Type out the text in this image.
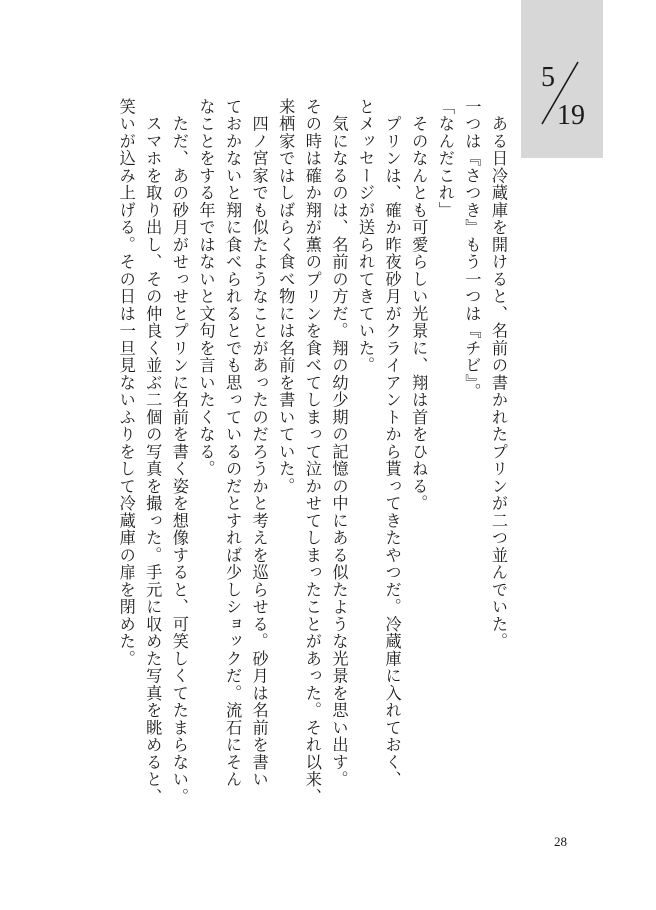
5
19
　ある日冷蔵庫を開けると、名前の書かれたプリンが二つ並んでいた。
一つは『さつき』もう一つは『チビ』。
「なんだこれ」
　そのなんとも可愛らしい光景に、翔は首をひねる。
　プリンは、確か昨夜砂月がクライアントから貰ってきたやつだ。冷蔵庫に入れておく、
とメッセージが送られてきていた。
　気になるのは、名前の方だ。翔の幼少期の記憶の中にある似たような光景を思い出す。
その時は確か翔が薫のプリンを食べてしまって泣かせてしまったことがあった。それ以来、
来栖家ではしばらく食べ物には名前を書いていた。
　四ノ宮家でも似たようなことがあったのだろうかと考えを巡らせる。砂月は名前を書い
ておかないと翔に食べられるとでも思っているのだとすれば少しショックだ。流石にそん
なことをする年ではないと文句を言いたくなる。
　ただ、あの砂月がせっせとプリンに名前を書く姿を想像すると、可笑しくてたまらない。
　スマホを取り出し、その仲良く並ぶ二個の写真を撮った。手元に収めた写真を眺めると、
笑いが込み上げる。その日は一旦見ないふりをして冷蔵庫の扉を閉めた。
28
